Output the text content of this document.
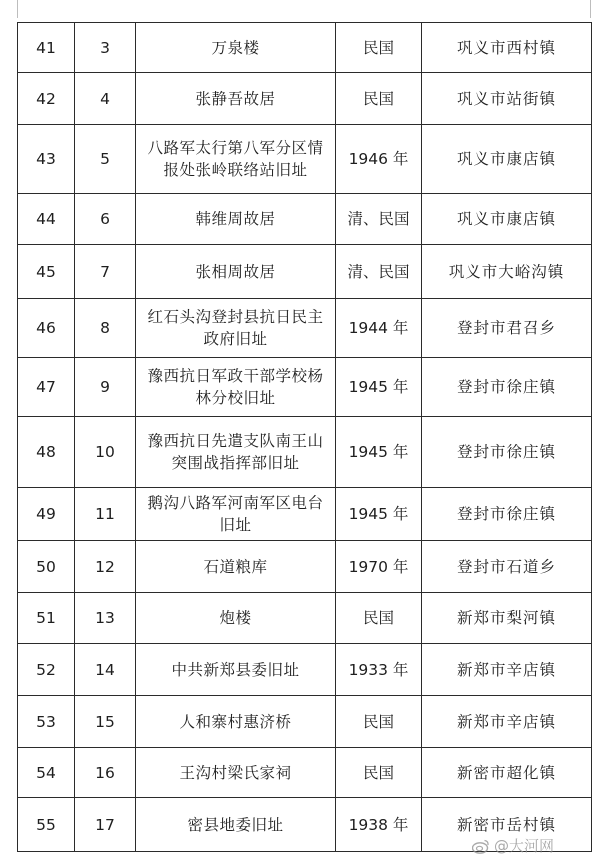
41	3	万泉楼	民国	巩义市西村镇
42	4	张静吾故居	民国	巩义市站街镇
43	5	八路军太行第八军分区情报处张岭联络站旧址	1946 年	巩义市康店镇
44	6	韩维周故居	清、民国	巩义市康店镇
45	7	张相周故居	清、民国	巩义市大峪沟镇
46	8	红石头沟登封县抗日民主政府旧址	1944 年	登封市君召乡
47	9	豫西抗日军政干部学校杨林分校旧址	1945 年	登封市徐庄镇
48	10	豫西抗日先遣支队南王山突围战指挥部旧址	1945 年	登封市徐庄镇
49	11	鹅沟八路军河南军区电台旧址	1945 年	登封市徐庄镇
50	12	石道粮库	1970 年	登封市石道乡
51	13	炮楼	民国	新郑市梨河镇
52	14	中共新郑县委旧址	1933 年	新郑市辛店镇
53	15	人和寨村惠济桥	民国	新郑市辛店镇
54	16	王沟村梁氏家祠	民国	新密市超化镇
55	17	密县地委旧址	1938 年	新密市岳村镇
@大河网
